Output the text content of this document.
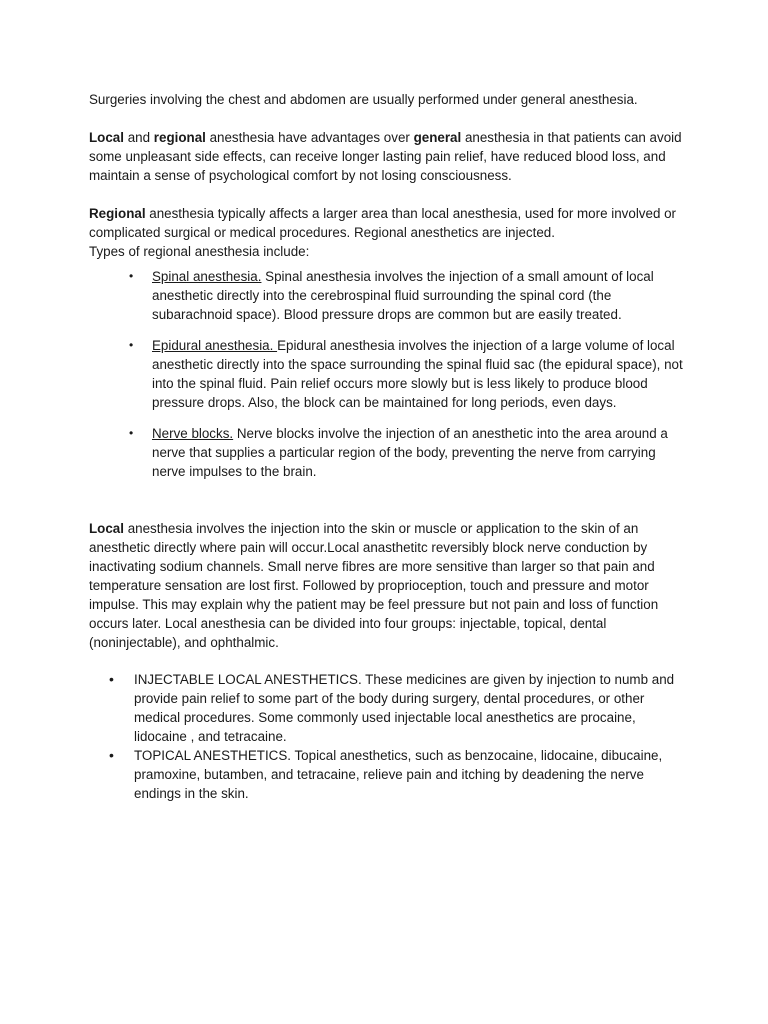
Surgeries involving the chest and abdomen are usually performed under general anesthesia.

Local and regional anesthesia have advantages over general anesthesia in that patients can avoid some unpleasant side effects, can receive longer lasting pain relief, have reduced blood loss, and maintain a sense of psychological comfort by not losing consciousness.

Regional anesthesia typically affects a larger area than local anesthesia, used for more involved or complicated surgical or medical procedures. Regional anesthetics are injected.

Types of regional anesthesia include:

• Spinal anesthesia. Spinal anesthesia involves the injection of a small amount of local anesthetic directly into the cerebrospinal fluid surrounding the spinal cord (the subarachnoid space). Blood pressure drops are common but are easily treated.
• Epidural anesthesia. Epidural anesthesia involves the injection of a large volume of local anesthetic directly into the space surrounding the spinal fluid sac (the epidural space), not into the spinal fluid. Pain relief occurs more slowly but is less likely to produce blood pressure drops. Also, the block can be maintained for long periods, even days.
• Nerve blocks. Nerve blocks involve the injection of an anesthetic into the area around a nerve that supplies a particular region of the body, preventing the nerve from carrying nerve impulses to the brain.

Local anesthesia involves the injection into the skin or muscle or application to the skin of an anesthetic directly where pain will occur.Local anasthetitc reversibly block nerve conduction by inactivating sodium channels. Small nerve fibres are more sensitive than larger so that pain and temperature sensation are lost first. Followed by proprioception, touch and pressure and motor impulse. This may explain why the patient may be feel pressure but not pain and loss of function occurs later. Local anesthesia can be divided into four groups: injectable, topical, dental (noninjectable), and ophthalmic.

• INJECTABLE LOCAL ANESTHETICS. These medicines are given by injection to numb and provide pain relief to some part of the body during surgery, dental procedures, or other medical procedures. Some commonly used injectable local anesthetics are procaine, lidocaine , and tetracaine.
• TOPICAL ANESTHETICS. Topical anesthetics, such as benzocaine, lidocaine, dibucaine, pramoxine, butamben, and tetracaine, relieve pain and itching by deadening the nerve endings in the skin.
